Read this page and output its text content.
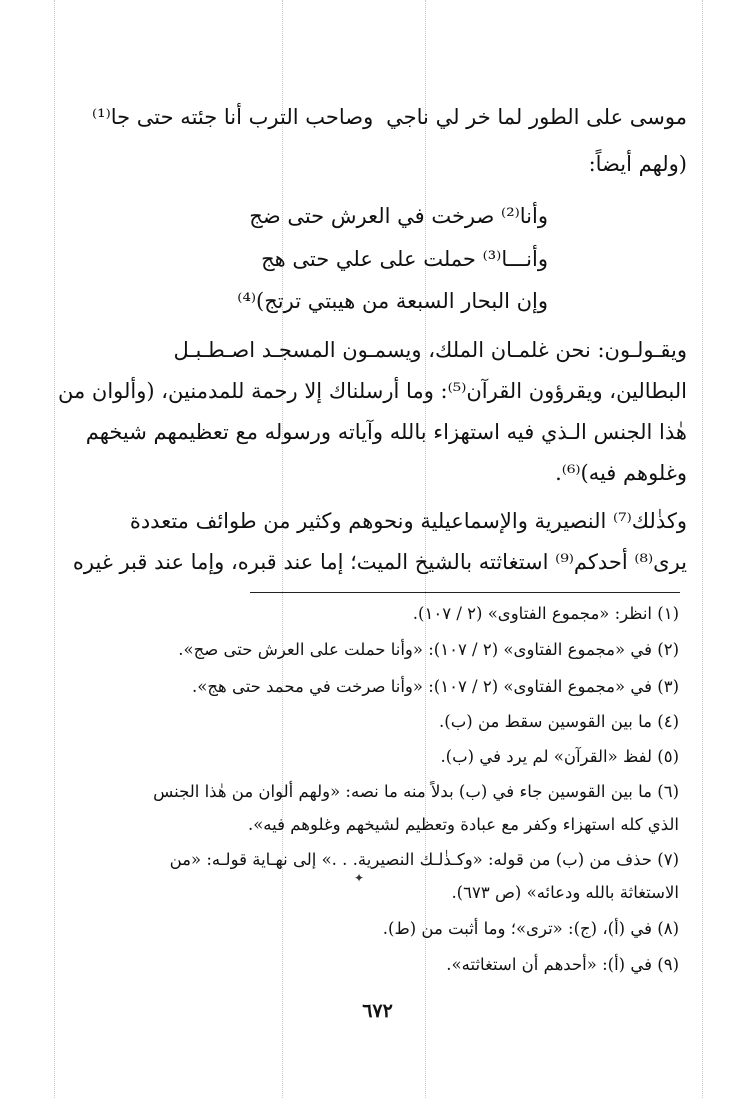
موسى على الطور لما خر لي ناجي
وصاحب الترب أنا جئته حتى جا⁽¹⁾
(ولهم أيضاً:
وأنا⁽²⁾ صرخت في العرش حتى ضج
وأنـــا⁽³⁾ حملت على علي حتى هج
وإن البحار السبعة من هيبتي ترتج)⁽⁴⁾
ويقـولـون: نحن غلمـان الملك، ويسمـون المسجـد اصـطـبـل
البطالين، ويقرؤون القرآن⁽⁵⁾: وما أرسلناك إلا رحمة للمدمنين، (وألوان من
هٰذا الجنس الـذي فيه استهزاء بالله وآياته ورسوله مع تعظيمهم شيخهم
وغلوهم فيه)⁽⁶⁾.
وكذٰلك⁽⁷⁾ النصيرية والإسماعيلية ونحوهم وكثير من طوائف متعددة
يرى⁽⁸⁾ أحدكم⁽⁹⁾ استغاثته بالشيخ الميت؛ إما عند قبره، وإما عند قبر غيره
(١) انظر: «مجموع الفتاوى» (٢ / ١٠٧).
(٢) في «مجموع الفتاوى» (٢ / ١٠٧): «وأنا حملت على العرش حتى صج».
(٣) في «مجموع الفتاوى» (٢ / ١٠٧): «وأنا صرخت في محمد حتى هج».
(٤) ما بين القوسين سقط من (ب).
(٥) لفظ «القرآن» لم يرد في (ب).
(٦) ما بين القوسين جاء في (ب) بدلاً منه ما نصه: «ولهم ألوان من هٰذا الجنس
الذي كله استهزاء وكفر مع عبادة وتعظيم لشيخهم وغلوهم فيه».
(٧) حذف من (ب) من قوله: «وكـذٰلـك النصيرية. . .» إلى نهـاية قولـه: «من
الاستغاثة بالله ودعائه» (ص ٦٧٣).
(٨) في (أ)، (ج): «ترى»؛ وما أثبت من (ط).
(٩) في (أ): «أحدهم أن استغاثته».
✦
٦٧٢
